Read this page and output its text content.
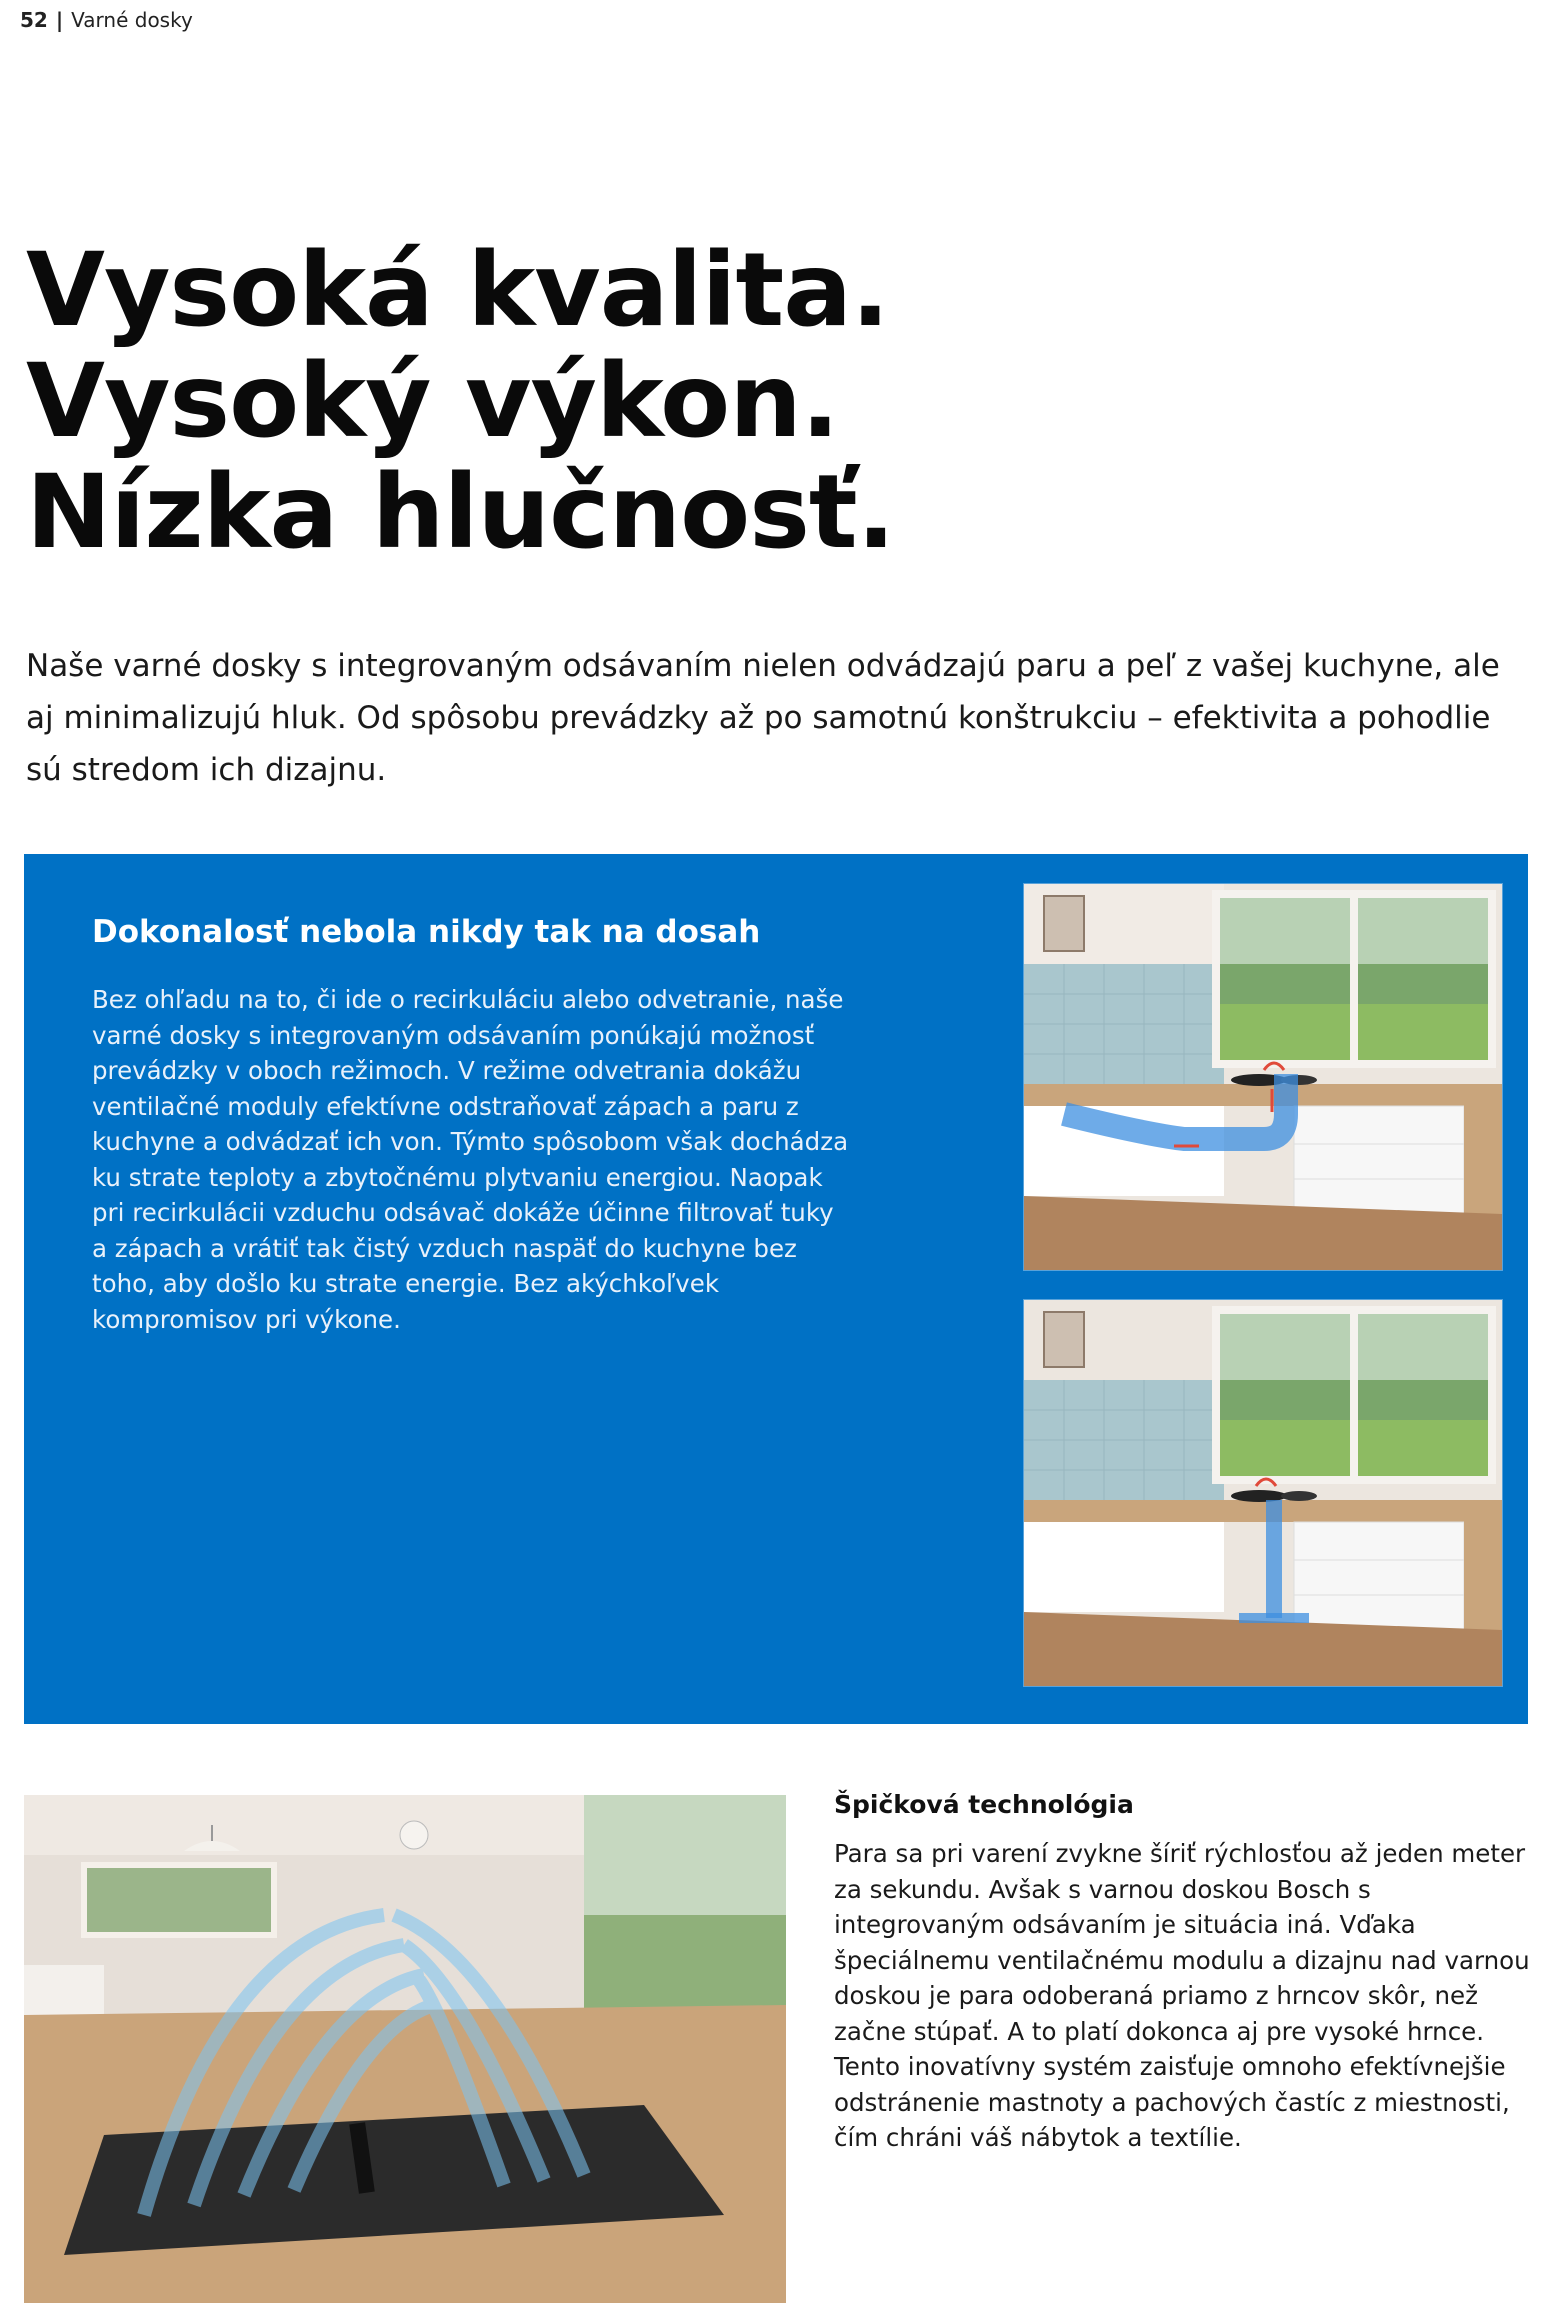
52 | Varné dosky
Vysoká kvalita.
Vysoký výkon.
Nízka hlučnosť.

Naše varné dosky s integrovaným odsávaním nielen odvádzajú paru a peľ z vašej kuchyne, ale aj minimalizujú hluk. Od spôsobu prevádzky až po samotnú konštrukciu – efektivita a pohodlie sú stredom ich dizajnu.

Dokonalosť nebola nikdy tak na dosah

Bez ohľadu na to, či ide o recirkuláciu alebo odvetranie, naše varné dosky s integrovaným odsávaním ponúkajú možnosť prevádzky v oboch režimoch. V režime odvetrania dokážu ventilačné moduly efektívne odstraňovať zápach a paru z kuchyne a odvádzať ich von. Týmto spôsobom však dochádza ku strate teploty a zbytočnému plytvaniu energiou. Naopak pri recirkulácii vzduchu odsávač dokáže účinne filtrovať tuky a zápach a vrátiť tak čistý vzduch naspäť do kuchyne bez toho, aby došlo ku strate energie. Bez akýchkoľvek kompromisov pri výkone.

Špičková technológia

Para sa pri varení zvykne šíriť rýchlosťou až jeden meter za sekundu. Avšak s varnou doskou Bosch s integrovaným odsávaním je situácia iná. Vďaka špeciálnemu ventilačnému modulu a dizajnu nad varnou doskou je para odoberaná priamo z hrncov skôr, než začne stúpať. A to platí dokonca aj pre vysoké hrnce. Tento inovatívny systém zaisťuje omnoho efektívnejšie odstránenie mastnoty a pachových častíc z miestnosti, čím chráni váš nábytok a textílie.
